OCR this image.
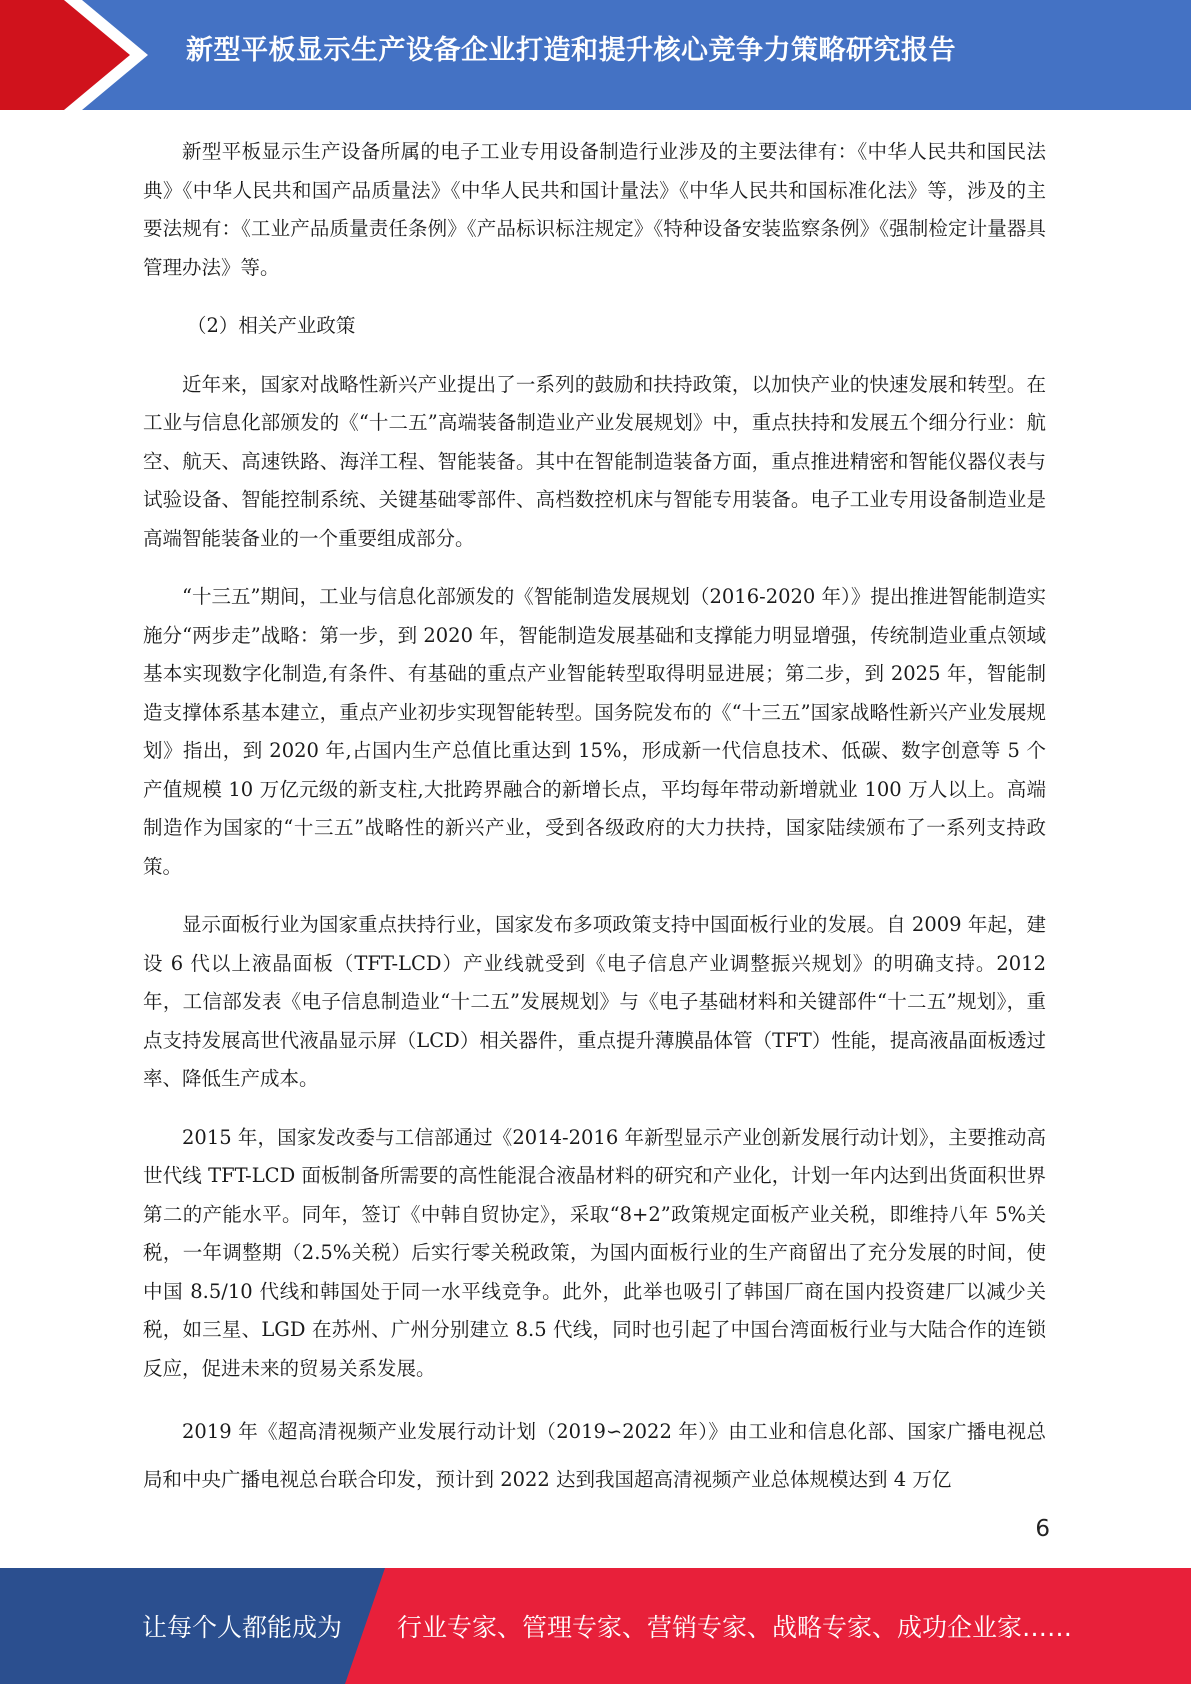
新型平板显示生产设备企业打造和提升核心竞争力策略研究报告

新型平板显示生产设备所属的电子工业专用设备制造行业涉及的主要法律有：《中华人民共和国民法典》《中华人民共和国产品质量法》《中华人民共和国计量法》《中华人民共和国标准化法》等，涉及的主要法规有：《工业产品质量责任条例》《产品标识标注规定》《特种设备安装监察条例》《强制检定计量器具管理办法》等。

（2）相关产业政策

近年来，国家对战略性新兴产业提出了一系列的鼓励和扶持政策，以加快产业的快速发展和转型。在工业与信息化部颁发的《“十二五”高端装备制造业产业发展规划》中，重点扶持和发展五个细分行业：航空、航天、高速铁路、海洋工程、智能装备。其中在智能制造装备方面，重点推进精密和智能仪器仪表与试验设备、智能控制系统、关键基础零部件、高档数控机床与智能专用装备。电子工业专用设备制造业是高端智能装备业的一个重要组成部分。

“十三五”期间，工业与信息化部颁发的《智能制造发展规划（2016-2020 年）》提出推进智能制造实施分“两步走”战略：第一步，到 2020 年，智能制造发展基础和支撑能力明显增强，传统制造业重点领域基本实现数字化制造,有条件、有基础的重点产业智能转型取得明显进展；第二步，到 2025 年，智能制造支撑体系基本建立，重点产业初步实现智能转型。国务院发布的《“十三五”国家战略性新兴产业发展规划》指出，到 2020 年,占国内生产总值比重达到 15%，形成新一代信息技术、低碳、数字创意等 5 个产值规模 10 万亿元级的新支柱,大批跨界融合的新增长点，平均每年带动新增就业 100 万人以上。高端制造作为国家的“十三五”战略性的新兴产业，受到各级政府的大力扶持，国家陆续颁布了一系列支持政策。

显示面板行业为国家重点扶持行业，国家发布多项政策支持中国面板行业的发展。自 2009 年起，建设 6 代以上液晶面板（TFT-LCD）产业线就受到《电子信息产业调整振兴规划》的明确支持。2012 年，工信部发表《电子信息制造业“十二五”发展规划》与《电子基础材料和关键部件“十二五”规划》，重点支持发展高世代液晶显示屏（LCD）相关器件，重点提升薄膜晶体管（TFT）性能，提高液晶面板透过率、降低生产成本。

2015 年，国家发改委与工信部通过《2014-2016 年新型显示产业创新发展行动计划》，主要推动高世代线 TFT-LCD 面板制备所需要的高性能混合液晶材料的研究和产业化，计划一年内达到出货面积世界第二的产能水平。同年，签订《中韩自贸协定》，采取“8+2”政策规定面板产业关税，即维持八年 5%关税，一年调整期（2.5%关税）后实行零关税政策，为国内面板行业的生产商留出了充分发展的时间，使中国 8.5/10 代线和韩国处于同一水平线竞争。此外，此举也吸引了韩国厂商在国内投资建厂以减少关税，如三星、LGD 在苏州、广州分别建立 8.5 代线，同时也引起了中国台湾面板行业与大陆合作的连锁反应，促进未来的贸易关系发展。

2019 年《超高清视频产业发展行动计划（2019∽2022 年）》由工业和信息化部、国家广播电视总局和中央广播电视总台联合印发，预计到 2022 达到我国超高清视频产业总体规模达到 4 万亿

6
让每个人都能成为 行业专家、管理专家、营销专家、战略专家、成功企业家……
